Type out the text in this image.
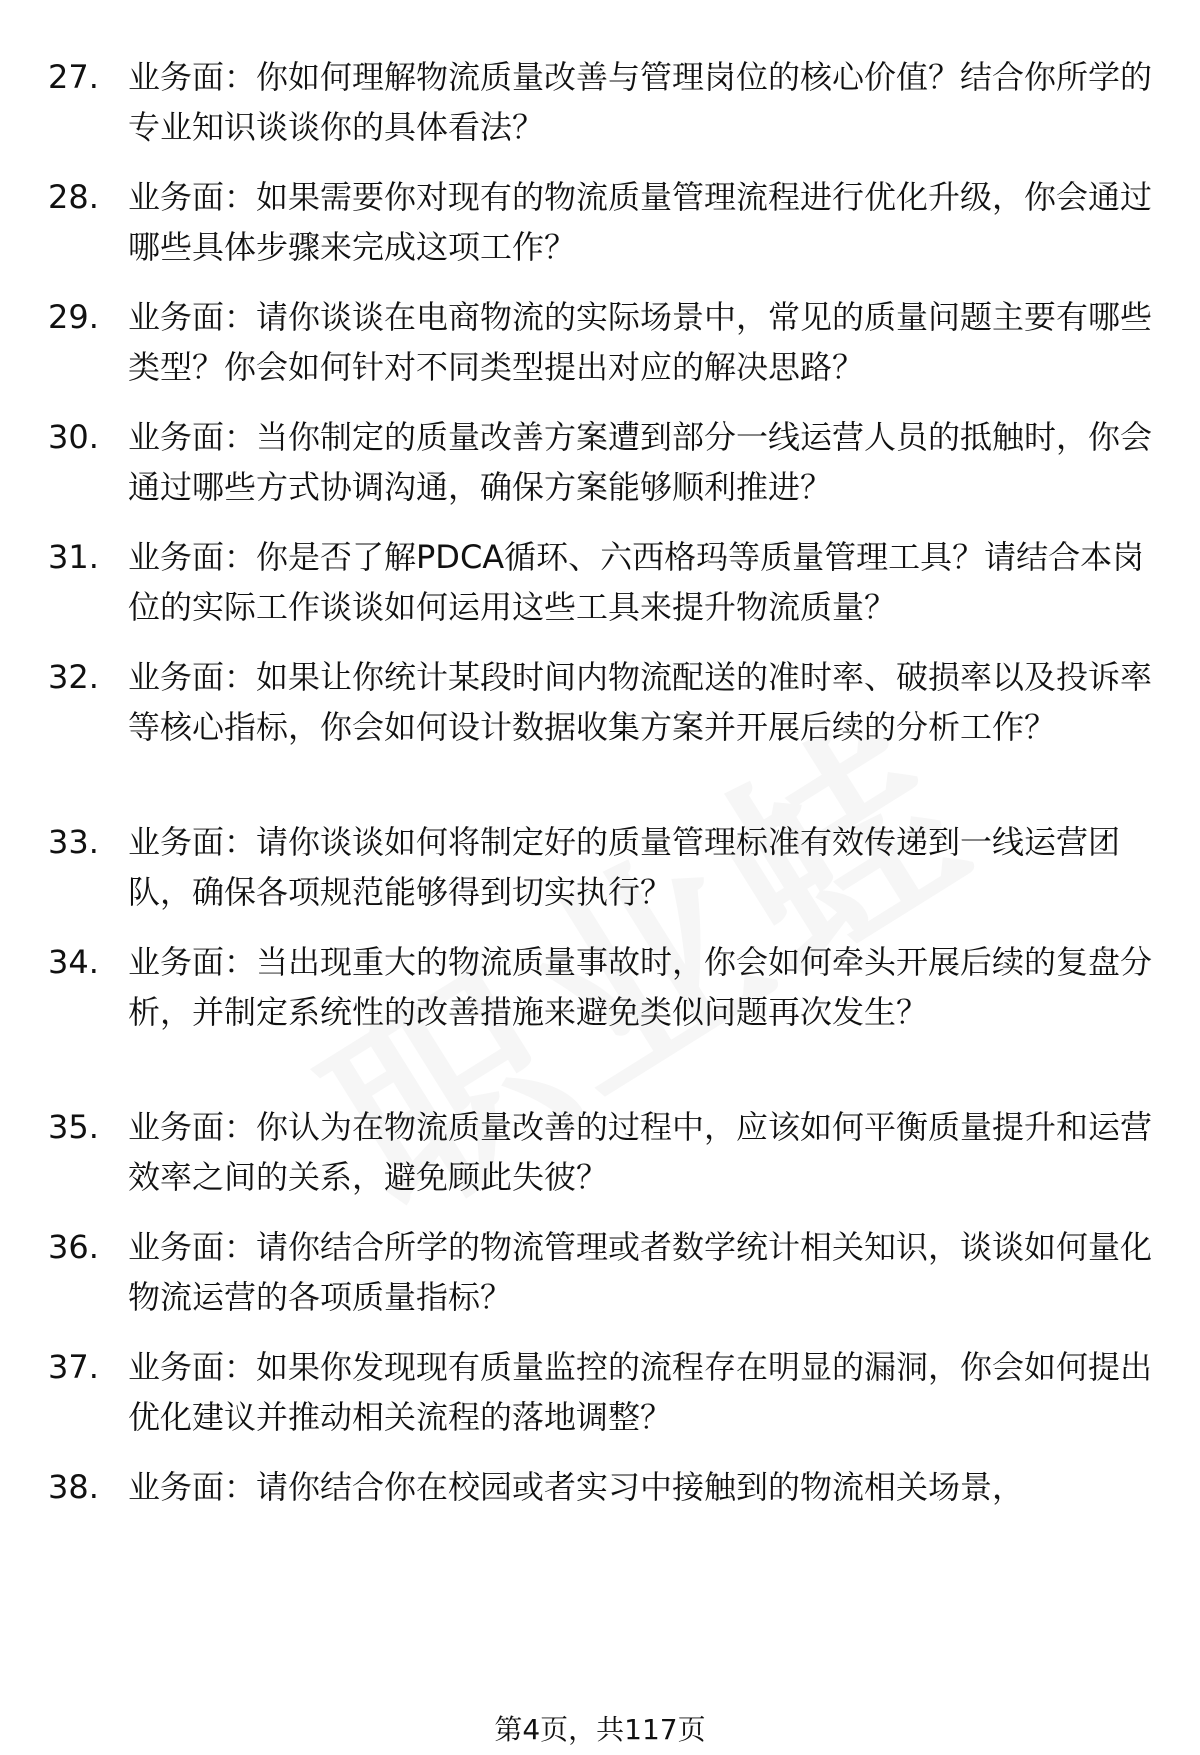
27. 业务面：你如何理解物流质量改善与管理岗位的核心价值？结合你所学的专业知识谈谈你的具体看法？
28. 业务面：如果需要你对现有的物流质量管理流程进行优化升级，你会通过哪些具体步骤来完成这项工作？
29. 业务面：请你谈谈在电商物流的实际场景中，常见的质量问题主要有哪些类型？你会如何针对不同类型提出对应的解决思路？
30. 业务面：当你制定的质量改善方案遭到部分一线运营人员的抵触时，你会通过哪些方式协调沟通，确保方案能够顺利推进？
31. 业务面：你是否了解PDCA循环、六西格玛等质量管理工具？请结合本岗位的实际工作谈谈如何运用这些工具来提升物流质量？
32. 业务面：如果让你统计某段时间内物流配送的准时率、破损率以及投诉率等核心指标，你会如何设计数据收集方案并开展后续的分析工作？
33. 业务面：请你谈谈如何将制定好的质量管理标准有效传递到一线运营团队，确保各项规范能够得到切实执行？
34. 业务面：当出现重大的物流质量事故时，你会如何牵头开展后续的复盘分析，并制定系统性的改善措施来避免类似问题再次发生？
35. 业务面：你认为在物流质量改善的过程中，应该如何平衡质量提升和运营效率之间的关系，避免顾此失彼？
36. 业务面：请你结合所学的物流管理或者数学统计相关知识，谈谈如何量化物流运营的各项质量指标？
37. 业务面：如果你发现现有质量监控的流程存在明显的漏洞，你会如何提出优化建议并推动相关流程的落地调整？
38. 业务面：请你结合你在校园或者实习中接触到的物流相关场景，
第4页，共117页
